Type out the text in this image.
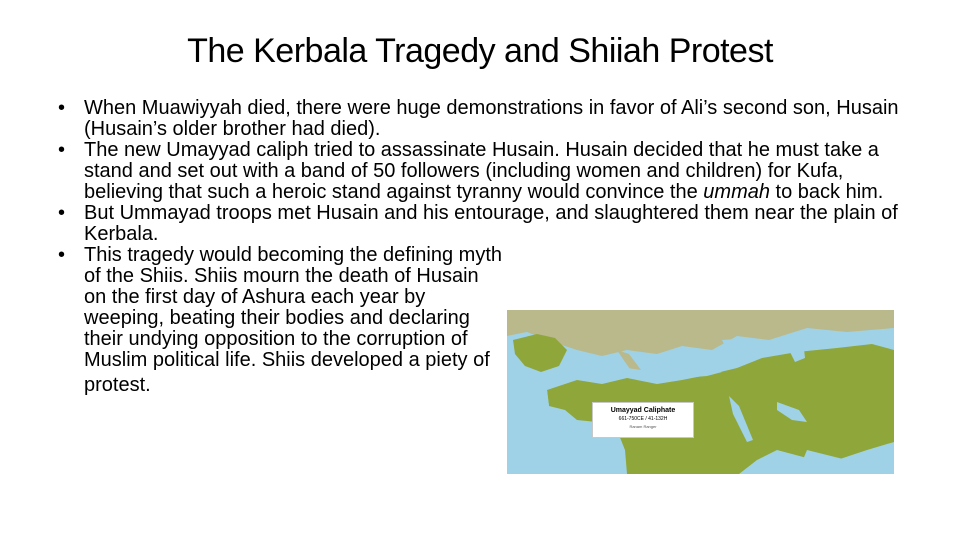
The Kerbala Tragedy and Shiiah Protest
• When Muawiyyah died, there were huge demonstrations in favor of Ali’s second son, Husain (Husain’s older brother had died).
• The new Umayyad caliph tried to assassinate Husain. Husain decided that he must take a stand and set out with a band of 50 followers (including women and children) for Kufa, believing that such a heroic stand against tyranny would convince the ummah to back him.
• But Ummayad troops met Husain and his entourage, and slaughtered them near the plain of Kerbala.
• This tragedy would becoming the defining myth of the Shiis. Shiis mourn the death of Husain on the first day of Ashura each year by weeping, beating their bodies and declaring their undying opposition to the corruption of Muslim political life. Shiis developed a piety of
protest.
Umayyad Caliphate
661-750CE / 41-132H
Ranam Ranger
